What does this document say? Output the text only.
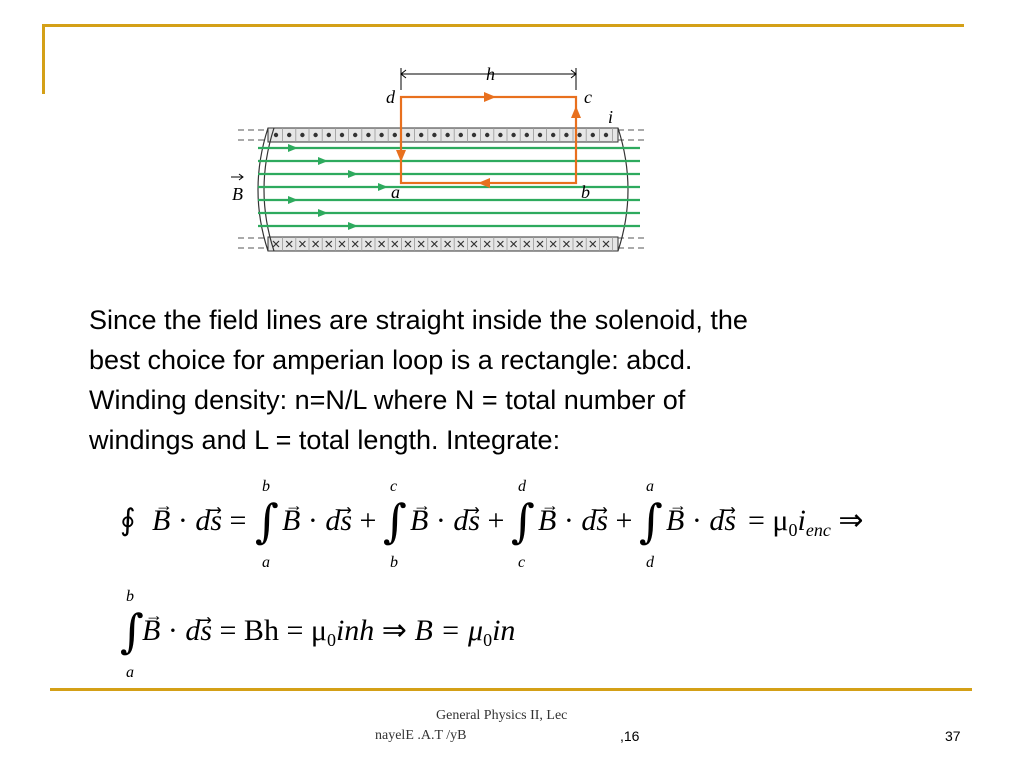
h
d	c
i
a	b
B
Since the field lines are straight inside the solenoid, the
best choice for amperian loop is a rectangle: abcd.
Winding density: n=N/L where N = total number of
windings and L = total length. Integrate:
∮
→ B · ds⃗ =
b
∫
a
→ B · ds⃗ +
c
∫
b
→ B · ds⃗ +
d
∫
c
→ B · ds⃗ +
a
∫
d
→ B · ds = $\mu_0i_{enc}$ ⇒
b
∫
a
→ B · ds⃗ = $Bh = \mu_0inh$ ⇒ $B = \mu_0in$
General Physics II, Lec
nayelE .A.T /yB	,16	37
